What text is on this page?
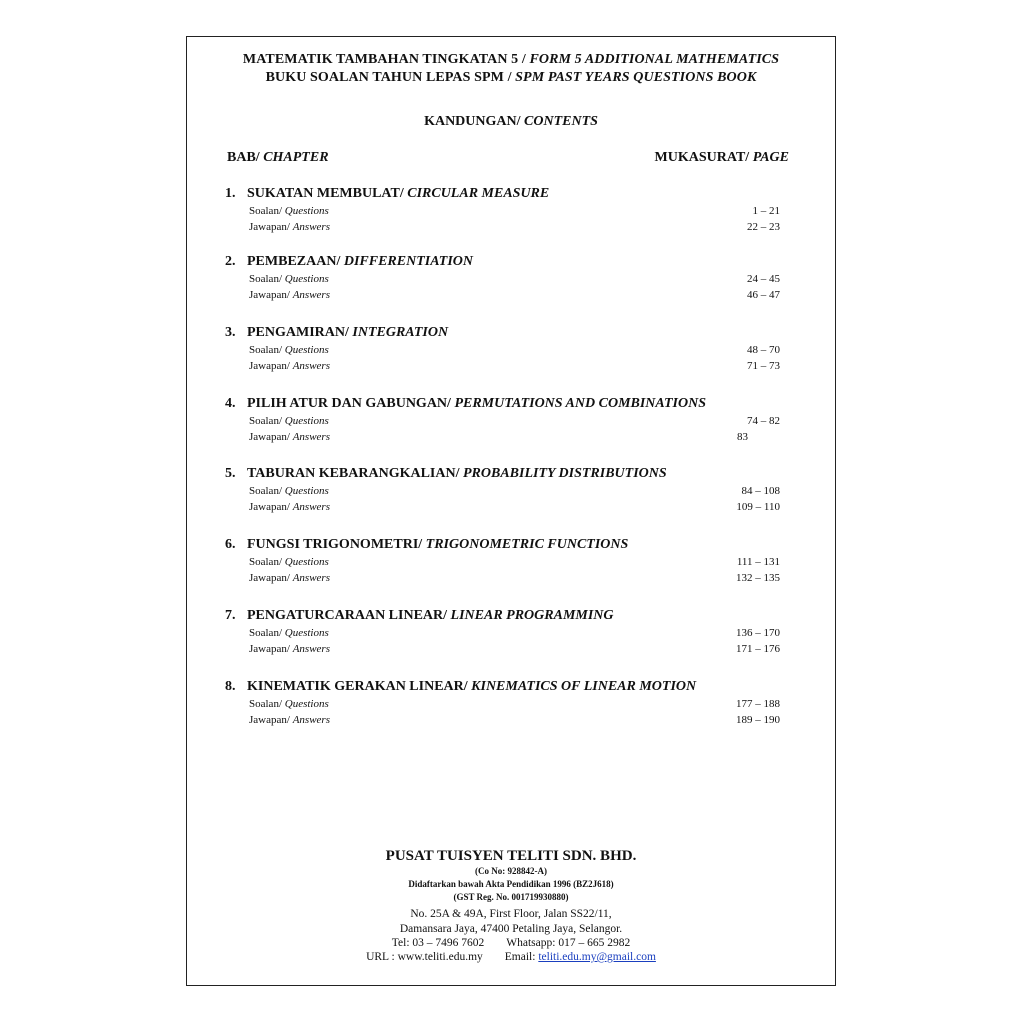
MATEMATIK TAMBAHAN TINGKATAN 5 / FORM 5 ADDITIONAL MATHEMATICS
BUKU SOALAN TAHUN LEPAS SPM / SPM PAST YEARS QUESTIONS BOOK
KANDUNGAN/ CONTENTS
BAB/ CHAPTER	MUKASURAT/ PAGE
1. SUKATAN MEMBULAT/ CIRCULAR MEASURE
Soalan/ Questions	1 – 21
Jawapan/ Answers	22 – 23
2. PEMBEZAAN/ DIFFERENTIATION
Soalan/ Questions	24 – 45
Jawapan/ Answers	46 – 47
3. PENGAMIRAN/ INTEGRATION
Soalan/ Questions	48 – 70
Jawapan/ Answers	71 – 73
4. PILIH ATUR DAN GABUNGAN/ PERMUTATIONS AND COMBINATIONS
Soalan/ Questions	74 – 82
Jawapan/ Answers	83
5. TABURAN KEBARANGKALIAN/ PROBABILITY DISTRIBUTIONS
Soalan/ Questions	84 – 108
Jawapan/ Answers	109 – 110
6. FUNGSI TRIGONOMETRI/ TRIGONOMETRIC FUNCTIONS
Soalan/ Questions	111 – 131
Jawapan/ Answers	132 – 135
7. PENGATURCARAAN LINEAR/ LINEAR PROGRAMMING
Soalan/ Questions	136 – 170
Jawapan/ Answers	171 – 176
8. KINEMATIK GERAKAN LINEAR/ KINEMATICS OF LINEAR MOTION
Soalan/ Questions	177 – 188
Jawapan/ Answers	189 – 190
PUSAT TUISYEN TELITI SDN. BHD.
(Co No: 928842-A)
Didaftarkan bawah Akta Pendidikan 1996 (BZ2J618)
(GST Reg. No. 001719930880)
No. 25A & 49A, First Floor, Jalan SS22/11,
Damansara Jaya, 47400 Petaling Jaya, Selangor.
Tel: 03 – 7496 7602 Whatsapp: 017 – 665 2982
URL : www.teliti.edu.my Email: teliti.edu.my@gmail.com
